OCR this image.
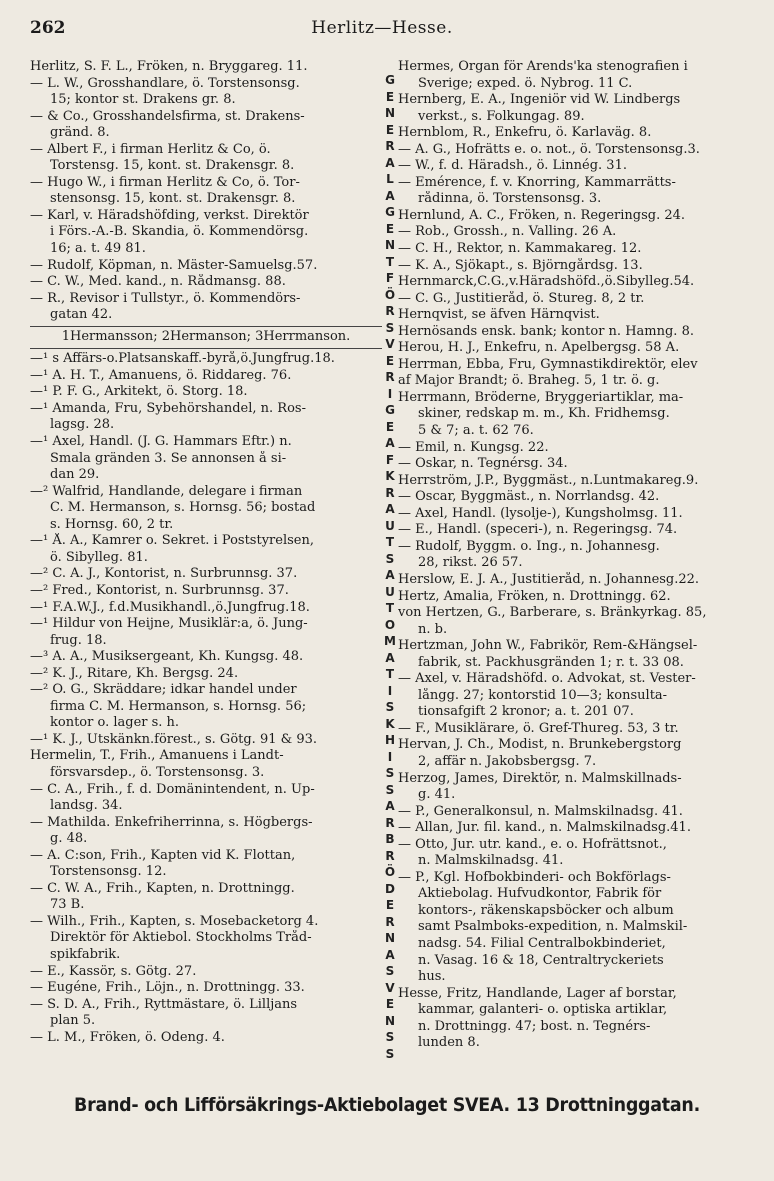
262	Herlitz—Hesse.
Herlitz, S. F. L., Fröken, n. Bryggareg. 11.
— L. W., Grosshandlare, ö. Torstensonsg.
15; kontor st. Drakens gr. 8.
— & Co., Grosshandelsfirma, st. Drakens-
gränd. 8.
— Albert F., i firman Herlitz & Co, ö.
Torstensg. 15, kont. st. Drakensgr. 8.
— Hugo W., i firman Herlitz & Co, ö. Tor-
stensonsg. 15, kont. st. Drakensgr. 8.
— Karl, v. Häradshöfding, verkst. Direktör
i Förs.-A.-B. Skandia, ö. Kommendörsg.
16; a. t. 49 81.
— Rudolf, Köpman, n. Mäster-Samuelsg.57.
— C. W., Med. kand., n. Rådmansg. 88.
— R., Revisor i Tullstyr., ö. Kommendörs-
gatan 42.
1Hermansson; 2Hermanson; 3Herrmanson.
—¹ s Affärs-o.Platsanskaff.-byrå,ö.Jungfrug.18.
—¹ A. H. T., Amanuens, ö. Riddareg. 76.
—¹ P. F. G., Arkitekt, ö. Storg. 18.
—¹ Amanda, Fru, Sybehörshandel, n. Ros-
lagsg. 28.
—¹ Axel, Handl. (J. G. Hammars Eftr.) n.
Smala gränden 3. Se annonsen å si-
dan 29.
—² Walfrid, Handlande, delegare i firman
C. M. Hermanson, s. Hornsg. 56; bostad
s. Hornsg. 60, 2 tr.
—¹ Å. A., Kamrer o. Sekret. i Poststyrelsen,
ö. Sibylleg. 81.
—² C. A. J., Kontorist, n. Surbrunnsg. 37.
—² Fred., Kontorist, n. Surbrunnsg. 37.
—¹ F.A.W.J., f.d.Musikhandl.,ö.Jungfrug.18.
—¹ Hildur von Heijne, Musiklär:a, ö. Jung-
frug. 18.
—³ A. A., Musiksergeant, Kh. Kungsg. 48.
—² K. J., Ritare, Kh. Bergsg. 24.
—² O. G., Skräddare; idkar handel under
firma C. M. Hermanson, s. Hornsg. 56;
kontor o. lager s. h.
—¹ K. J., Utskänkn.förest., s. Götg. 91 & 93.
Hermelin, T., Frih., Amanuens i Landt-
försvarsdep., ö. Torstensonsg. 3.
— C. A., Frih., f. d. Domänintendent, n. Up-
landsg. 34.
— Mathilda. Enkefriherrinna, s. Högbergs-
g. 48.
— A. C:son, Frih., Kapten vid K. Flottan,
Torstensonsg. 12.
— C. W. A., Frih., Kapten, n. Drottningg.
73 B.
— Wilh., Frih., Kapten, s. Mosebacketorg 4.
Direktör för Aktiebol. Stockholms Tråd-
spikfabrik.
— E., Kassör, s. Götg. 27.
— Eugéne, Frih., Löjn., n. Drottningg. 33.
— S. D. A., Frih., Ryttmästare, ö. Lilljans
plan 5.
— L. M., Fröken, ö. Odeng. 4.
G
E
N
E
R
A
L
A
G
E
N
T
F
Ö
R
S
V
E
R
I
G
E
A
F
K
R
A
U
T
S
A
U
T
O
M
A
T
I
S
K
H
I
S
S
A
R
B
R
Ö
D
E
R
N
A
S
V
E
N
S
S
Hermes, Organ för Arends'ka stenografien i
Sverige; exped. ö. Nybrog. 11 C.
Hernberg, E. A., Ingeniör vid W. Lindbergs
verkst., s. Folkungag. 89.
Hernblom, R., Enkefru, ö. Karlaväg. 8.
— A. G., Hofrätts e. o. not., ö. Torstensonsg.3.
— W., f. d. Häradsh., ö. Linnég. 31.
— Emérence, f. v. Knorring, Kammarrätts-
rådinna, ö. Torstensonsg. 3.
Hernlund, A. C., Fröken, n. Regeringsg. 24.
— Rob., Grossh., n. Valling. 26 A.
— C. H., Rektor, n. Kammakareg. 12.
— K. A., Sjökapt., s. Björngårdsg. 13.
Hernmarck,C.G.,v.Häradshöfd.,ö.Sibylleg.54.
— C. G., Justitieråd, ö. Stureg. 8, 2 tr.
Hernqvist, se äfven Härnqvist.
Hernösands ensk. bank; kontor n. Hamng. 8.
Herou, H. J., Enkefru, n. Apelbergsg. 58 A.
Herrman, Ebba, Fru, Gymnastikdirektör, elev
af Major Brandt; ö. Braheg. 5, 1 tr. ö. g.
Herrmann, Bröderne, Bryggeriartiklar, ma-
skiner, redskap m. m., Kh. Fridhemsg.
5 & 7; a. t. 62 76.
— Emil, n. Kungsg. 22.
— Oskar, n. Tegnérsg. 34.
Herrström, J.P., Byggmäst., n.Luntmakareg.9.
— Oscar, Byggmäst., n. Norrlandsg. 42.
— Axel, Handl. (lysolje-), Kungsholmsg. 11.
— E., Handl. (speceri-), n. Regeringsg. 74.
— Rudolf, Byggm. o. Ing., n. Johannesg.
28, rikst. 26 57.
Herslow, E. J. A., Justitieråd, n. Johannesg.22.
Hertz, Amalia, Fröken, n. Drottningg. 62.
von Hertzen, G., Barberare, s. Bränkyrkag. 85,
n. b.
Hertzman, John W., Fabrikör, Rem-&Hängsel-
fabrik, st. Packhusgränden 1; r. t. 33 08.
— Axel, v. Häradshöfd. o. Advokat, st. Vester-
långg. 27; kontorstid 10—3; konsulta-
tionsafgift 2 kronor; a. t. 201 07.
— F., Musiklärare, ö. Gref-Thureg. 53, 3 tr.
Hervan, J. Ch., Modist, n. Brunkebergstorg
2, affär n. Jakobsbergsg. 7.
Herzog, James, Direktör, n. Malmskillnads-
g. 41.
— P., Generalkonsul, n. Malmskilnadsg. 41.
— Allan, Jur. fil. kand., n. Malmskilnadsg.41.
— Otto, Jur. utr. kand., e. o. Hofrättsnot.,
n. Malmskilnadsg. 41.
— P., Kgl. Hofbokbinderi- och Bokförlags-
Aktiebolag. Hufvudkontor, Fabrik för
kontors-, räkenskapsböcker och album
samt Psalmboks-expedition, n. Malmskil-
nadsg. 54. Filial Centralbokbinderiet,
n. Vasag. 16 & 18, Centraltryckeriets
hus.
Hesse, Fritz, Handlande, Lager af borstar,
kammar, galanteri- o. optiska artiklar,
n. Drottningg. 47; bost. n. Tegnérs-
lunden 8.
Brand- och Lifförsäkrings-Aktiebolaget SVEA. 13 Drottninggatan.
